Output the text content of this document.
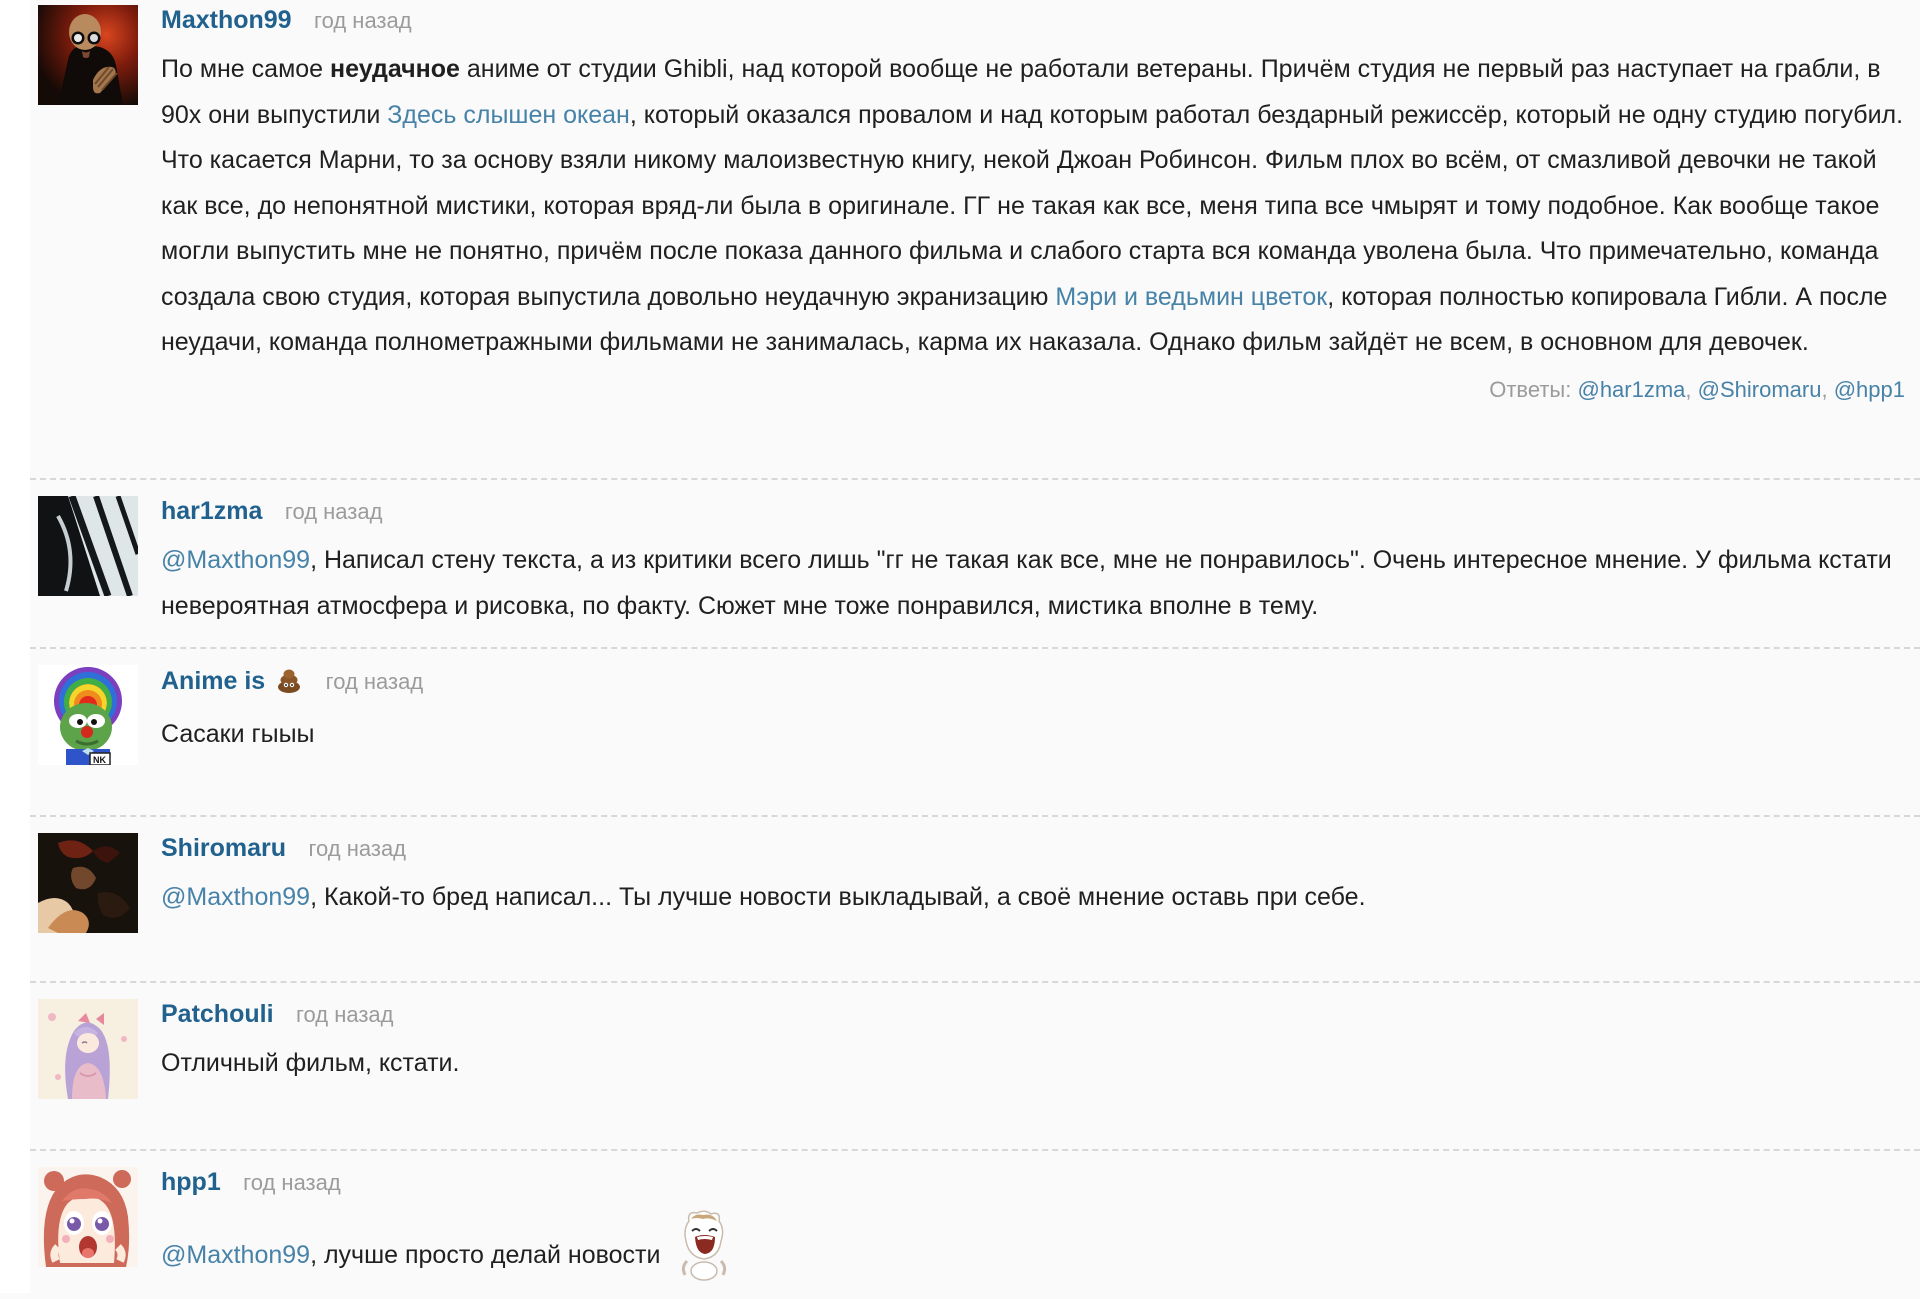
Maxthon99 год назад
По мне самое неудачное аниме от студии Ghibli, над которой вообще не работали ветераны. Причём студия не первый раз наступает на грабли, в 90х они выпустили Здесь слышен океан, который оказался провалом и над которым работал бездарный режиссёр, который не одну студию погубил. Что касается Марни, то за основу взяли никому малоизвестную книгу, некой Джоан Робинсон. Фильм плох во всём, от смазливой девочки не такой как все, до непонятной мистики, которая вряд-ли была в оригинале. ГГ не такая как все, меня типа все чмырят и тому подобное. Как вообще такое могли выпустить мне не понятно, причём после показа данного фильма и слабого старта вся команда уволена была. Что примечательно, команда создала свою студия, которая выпустила довольно неудачную экранизацию Мэри и ведьмин цветок, которая полностью копировала Гибли. А после неудачи, команда полнометражными фильмами не занималась, карма их наказала. Однако фильм зайдёт не всем, в основном для девочек.
Ответы: @har1zma, @Shiromaru, @hpp1
har1zma год назад
@Maxthon99, Написал стену текста, а из критики всего лишь "гг не такая как все, мне не понравилось". Очень интересное мнение. У фильма кстати невероятная атмосфера и рисовка, по факту. Сюжет мне тоже понравился, мистика вполне в тему.
NK
Anime is	год назад
Сасаки гыыы
Shiromaru год назад
@Maxthon99, Какой-то бред написал... Ты лучше новости выкладывай, а своё мнение оставь при себе.
Patchouli год назад
Отличный фильм, кстати.
hpp1 год назад
@Maxthon99, лучше просто делай новости
